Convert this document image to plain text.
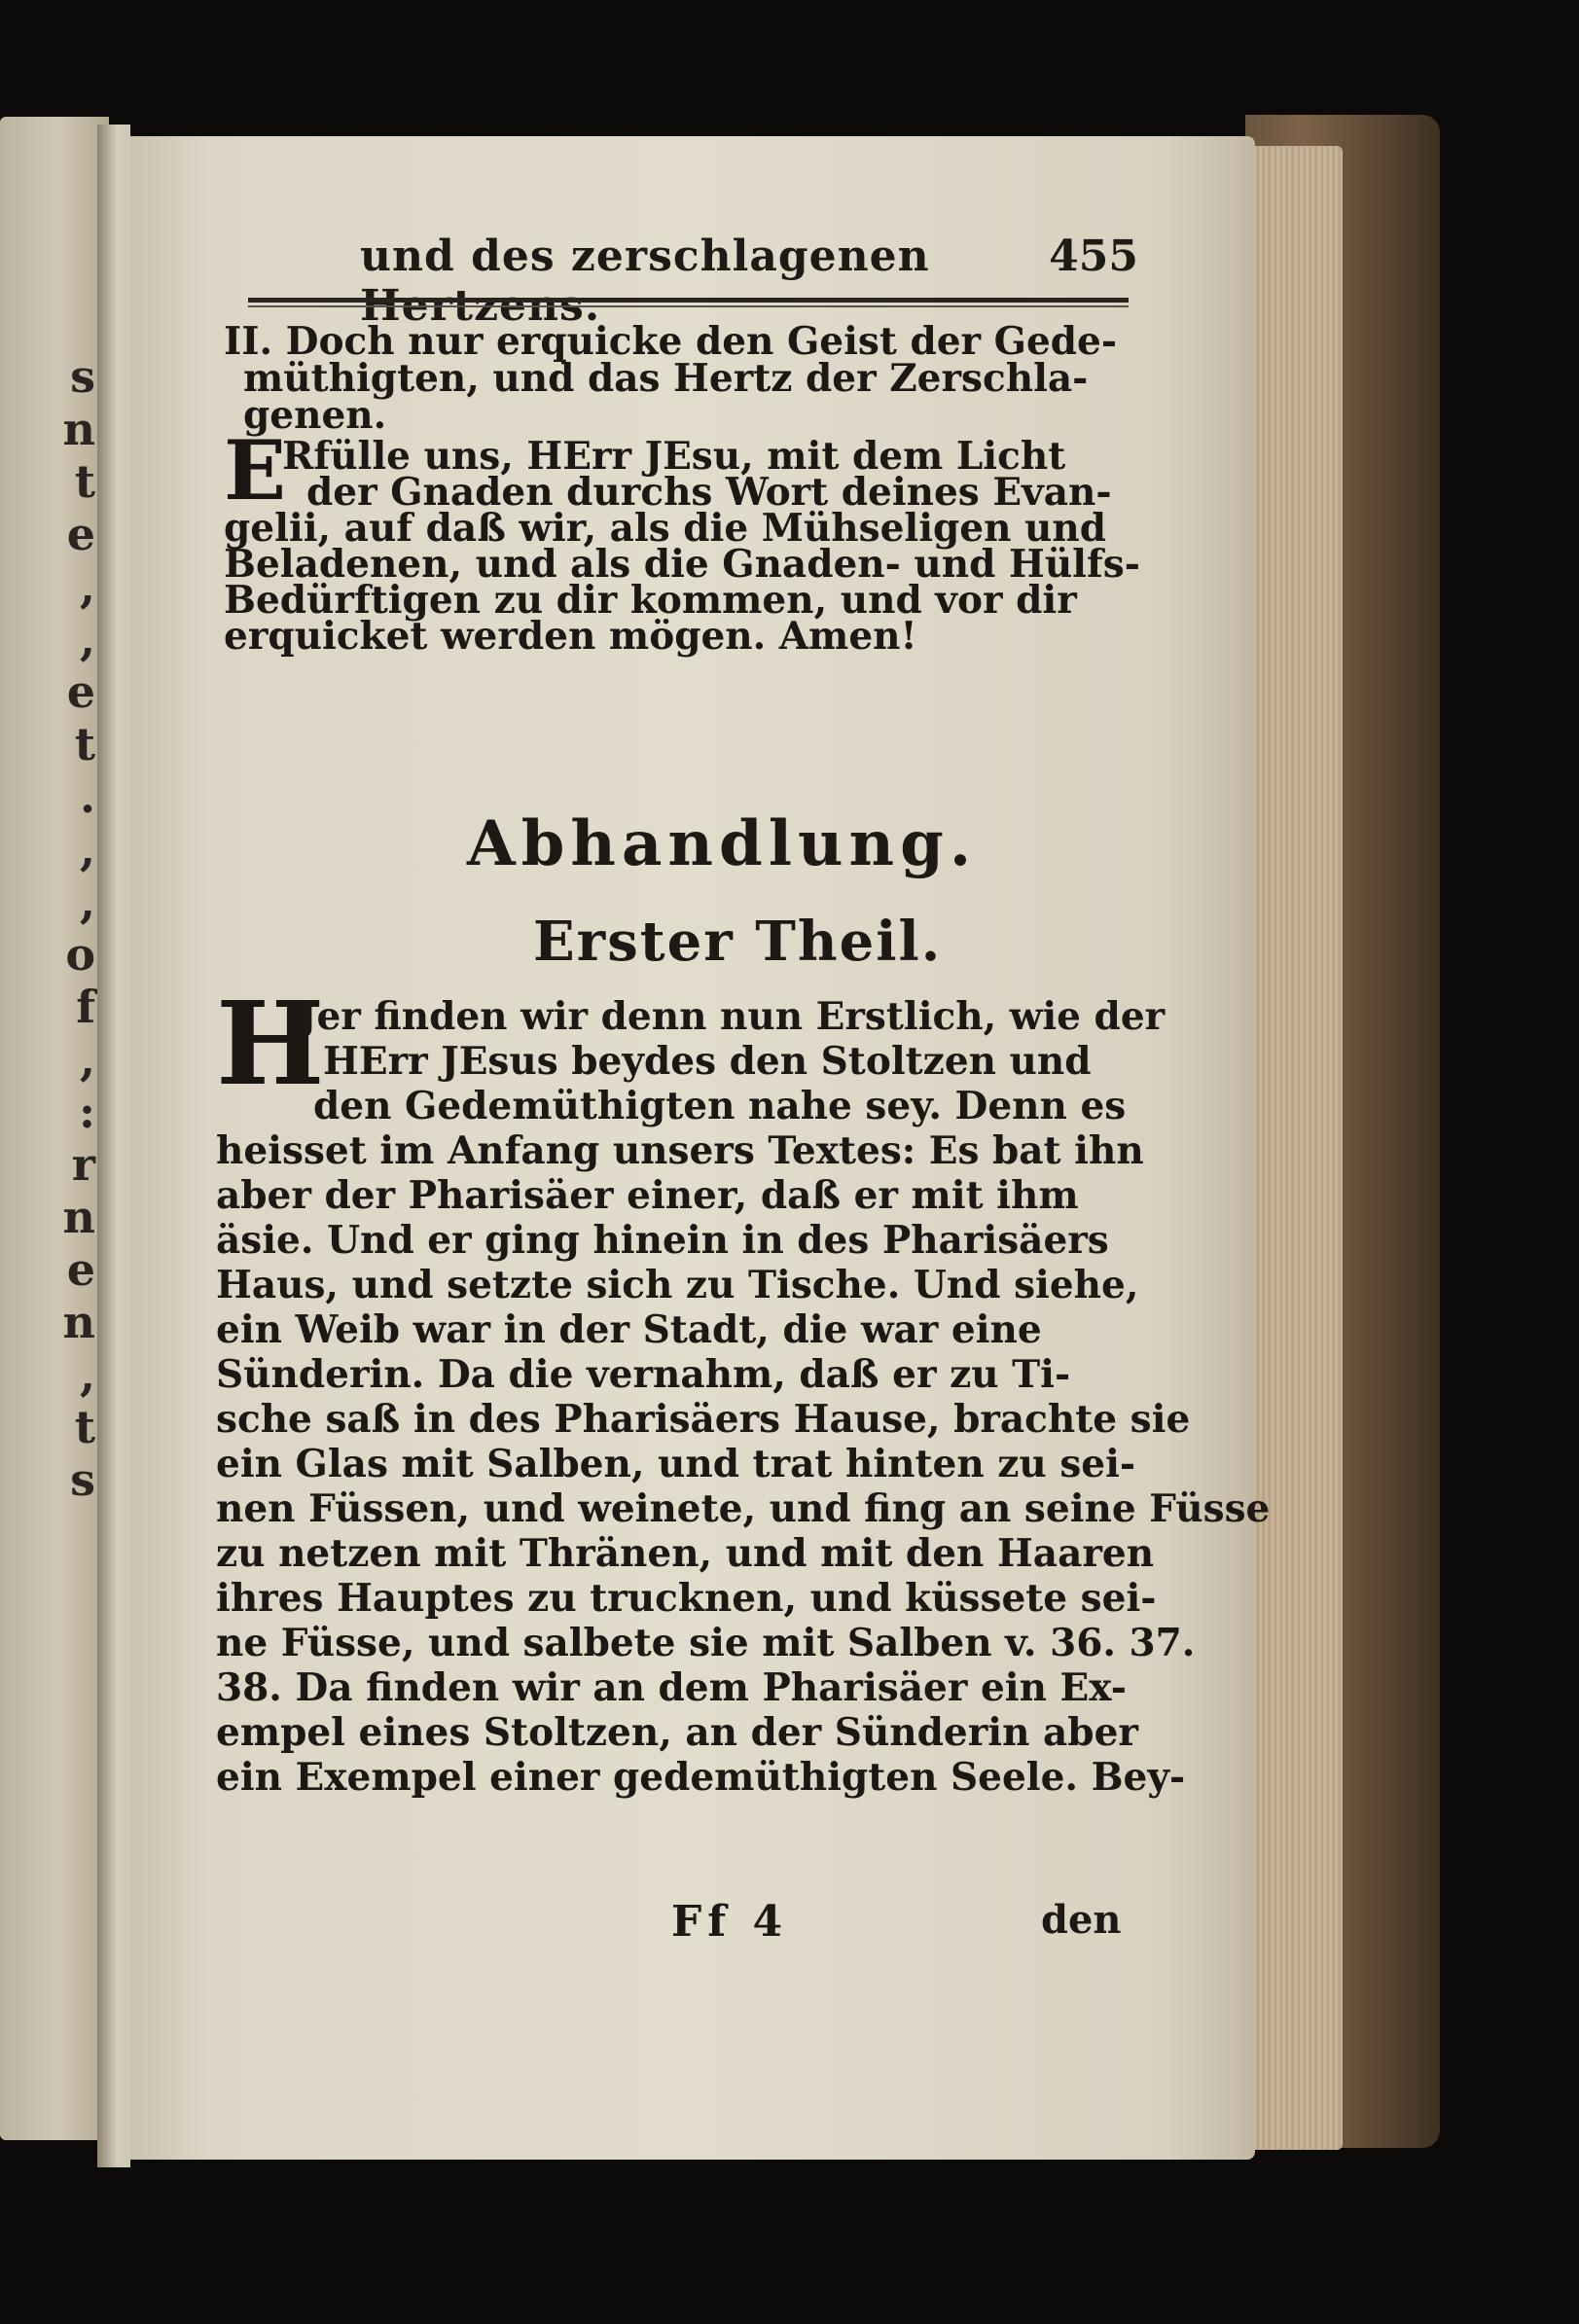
s
n
t
e
,
,
e
t
.
,
,
o
f
,
:
r
n
e
n
,
t
s
und des zerschlagenen	455
II. Doch nur erquicke den Geist der Gede-
müthigten, und das Hertz der Zerschla-
genen.
E
Rfülle uns, HErr JEsu, mit dem Licht
der Gnaden durchs Wort deines Evan-
gelii, auf daß wir, als die Mühseligen und
Beladenen, und als die Gnaden- und Hülfs-
Bedürftigen zu dir kommen, und vor dir
erquicket werden mögen. Amen!
Abhandlung.
Erster Theil.
H
Jer finden wir denn nun Erstlich, wie der
HErr JEsus beydes den Stoltzen und
den Gedemüthigten nahe sey. Denn es
heisset im Anfang unsers Textes: Es bat ihn
aber der Pharisäer einer, daß er mit ihm
äsie. Und er ging hinein in des Pharisäers
Haus, und setzte sich zu Tische. Und siehe,
ein Weib war in der Stadt, die war eine
Sünderin. Da die vernahm, daß er zu Ti-
sche saß in des Pharisäers Hause, brachte sie
ein Glas mit Salben, und trat hinten zu sei-
nen Füssen, und weinete, und fing an seine Füsse
zu netzen mit Thränen, und mit den Haaren
ihres Hauptes zu trucknen, und küssete sei-
ne Füsse, und salbete sie mit Salben v. 36. 37.
38. Da finden wir an dem Pharisäer ein Ex-
empel eines Stoltzen, an der Sünderin aber
ein Exempel einer gedemüthigten Seele. Bey-
Ff 4	den
